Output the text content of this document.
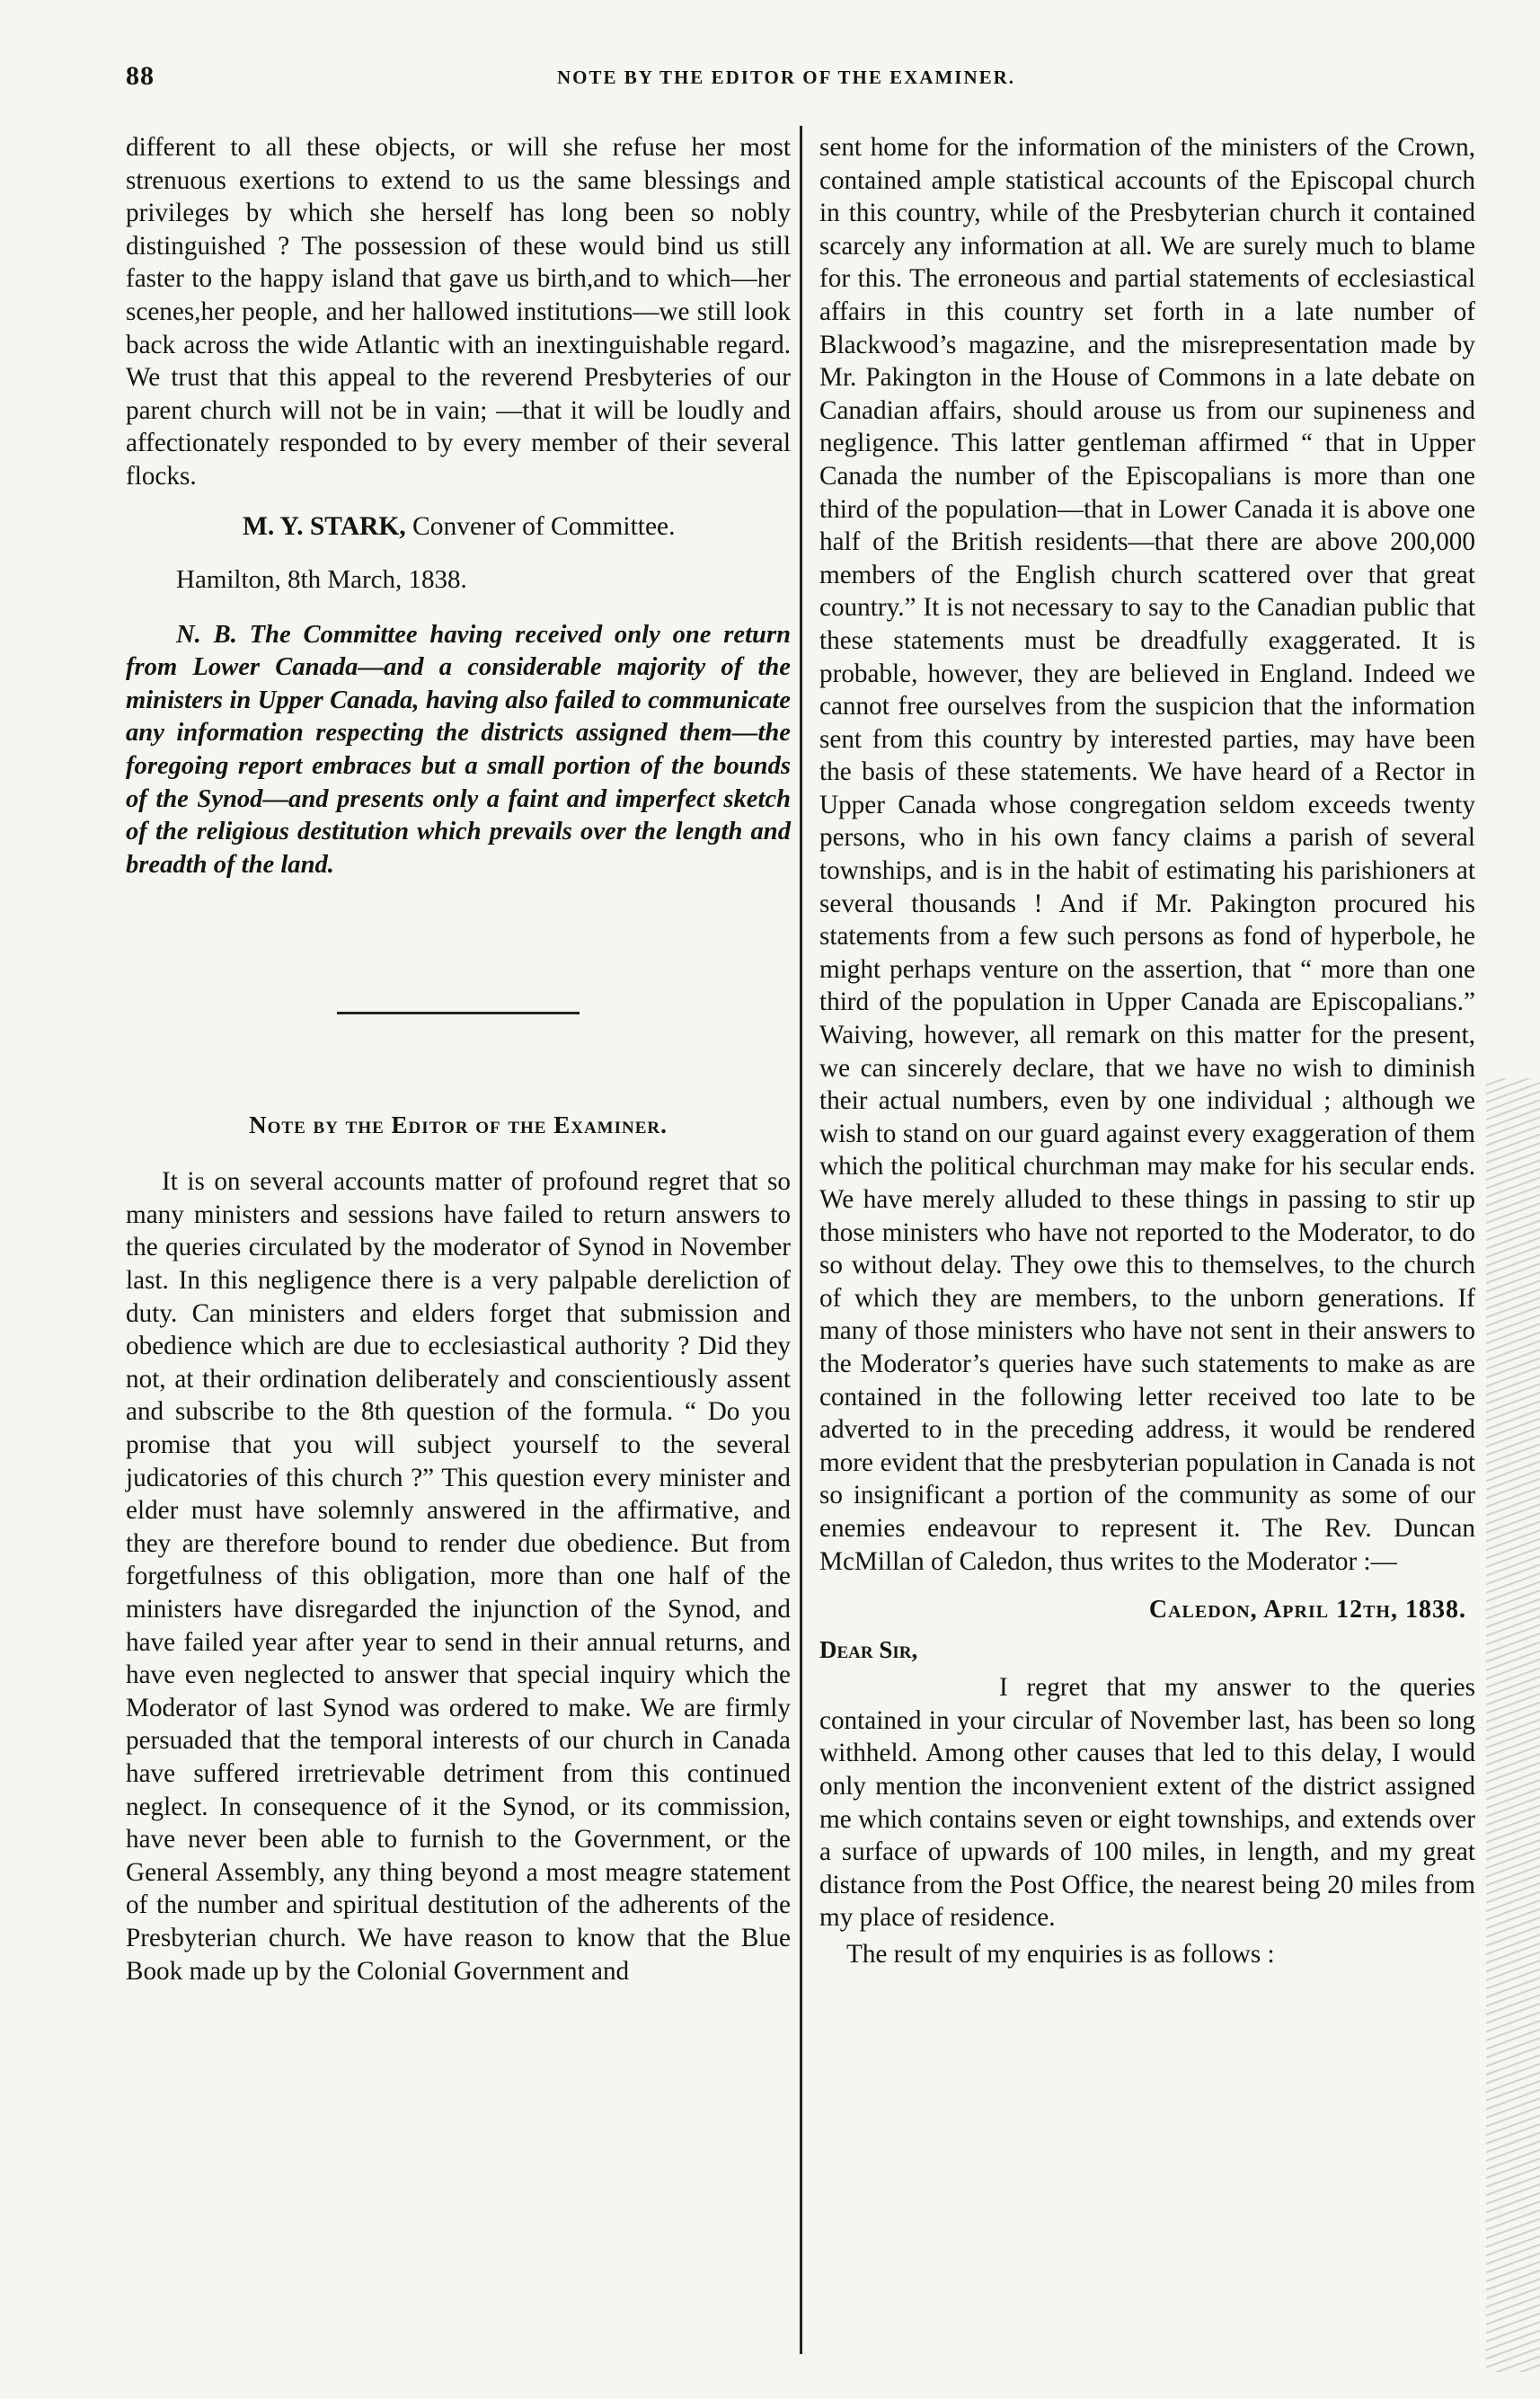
88	NOTE BY THE EDITOR OF THE EXAMINER.

different to all these objects, or will she refuse her most strenuous exertions to extend to us the same blessings and privileges by which she herself has long been so nobly distinguished ? The possession of these would bind us still faster to the happy island that gave us birth,and to which—her scenes,her people, and her hallowed institutions—we still look back across the wide Atlantic with an inextinguishable regard. We trust that this appeal to the reverend Presbyteries of our parent church will not be in vain; —that it will be loudly and affectionately responded to by every member of their several flocks.

M. Y. STARK, Convener of Committee.
Hamilton, 8th March, 1838.

N. B. The Committee having received only one return from Lower Canada—and a considerable majority of the ministers in Upper Canada, having also failed to communicate any information respecting the districts assigned them—the foregoing report embraces but a small portion of the bounds of the Synod—and presents only a faint and imperfect sketch of the religious destitution which prevails over the length and breadth of the land.

Note by the Editor of the Examiner.

It is on several accounts matter of profound regret that so many ministers and sessions have failed to return answers to the queries circulated by the moderator of Synod in November last. In this negligence there is a very palpable dereliction of duty. Can ministers and elders forget that submission and obedience which are due to ecclesiastical authority ? Did they not, at their ordination deliberately and conscientiously assent and subscribe to the 8th question of the formula. “ Do you promise that you will subject yourself to the several judicatories of this church ?” This question every minister and elder must have solemnly answered in the affirmative, and they are therefore bound to render due obedience. But from forgetfulness of this obligation, more than one half of the ministers have disregarded the injunction of the Synod, and have failed year after year to send in their annual returns, and have even neglected to answer that special inquiry which the Moderator of last Synod was ordered to make. We are firmly persuaded that the temporal interests of our church in Canada have suffered irretrievable detriment from this continued neglect. In consequence of it the Synod, or its commission, have never been able to furnish to the Government, or the General Assembly, any thing beyond a most meagre statement of the number and spiritual destitution of the adherents of the Presbyterian church. We have reason to know that the Blue Book made up by the Colonial Government and

sent home for the information of the ministers of the Crown, contained ample statistical accounts of the Episcopal church in this country, while of the Presbyterian church it contained scarcely any information at all. We are surely much to blame for this. The erroneous and partial statements of ecclesiastical affairs in this country set forth in a late number of Blackwood’s magazine, and the misrepresentation made by Mr. Pakington in the House of Commons in a late debate on Canadian affairs, should arouse us from our supineness and negligence. This latter gentleman affirmed “ that in Upper Canada the number of the Episcopalians is more than one third of the population—that in Lower Canada it is above one half of the British residents—that there are above 200,000 members of the English church scattered over that great country.” It is not necessary to say to the Canadian public that these statements must be dreadfully exaggerated. It is probable, however, they are believed in England. Indeed we cannot free ourselves from the suspicion that the information sent from this country by interested parties, may have been the basis of these statements. We have heard of a Rector in Upper Canada whose congregation seldom exceeds twenty persons, who in his own fancy claims a parish of several townships, and is in the habit of estimating his parishioners at several thousands ! And if Mr. Pakington procured his statements from a few such persons as fond of hyperbole, he might perhaps venture on the assertion, that “ more than one third of the population in Upper Canada are Episcopalians.” Waiving, however, all remark on this matter for the present, we can sincerely declare, that we have no wish to diminish their actual numbers, even by one individual ; although we wish to stand on our guard against every exaggeration of them which the political churchman may make for his secular ends. We have merely alluded to these things in passing to stir up those ministers who have not reported to the Moderator, to do so without delay. They owe this to themselves, to the church of which they are members, to the unborn generations. If many of those ministers who have not sent in their answers to the Moderator’s queries have such statements to make as are contained in the following letter received too late to be adverted to in the preceding address, it would be rendered more evident that the presbyterian population in Canada is not so insignificant a portion of the community as some of our enemies endeavour to represent it. The Rev. Duncan McMillan of Caledon, thus writes to the Moderator :—

Caledon, April 12th, 1838.
Dear Sir,

I regret that my answer to the queries contained in your circular of November last, has been so long withheld. Among other causes that led to this delay, I would only mention the inconvenient extent of the district assigned me which contains seven or eight townships, and extends over a surface of upwards of 100 miles, in length, and my great distance from the Post Office, the nearest being 20 miles from my place of residence.

The result of my enquiries is as follows :
